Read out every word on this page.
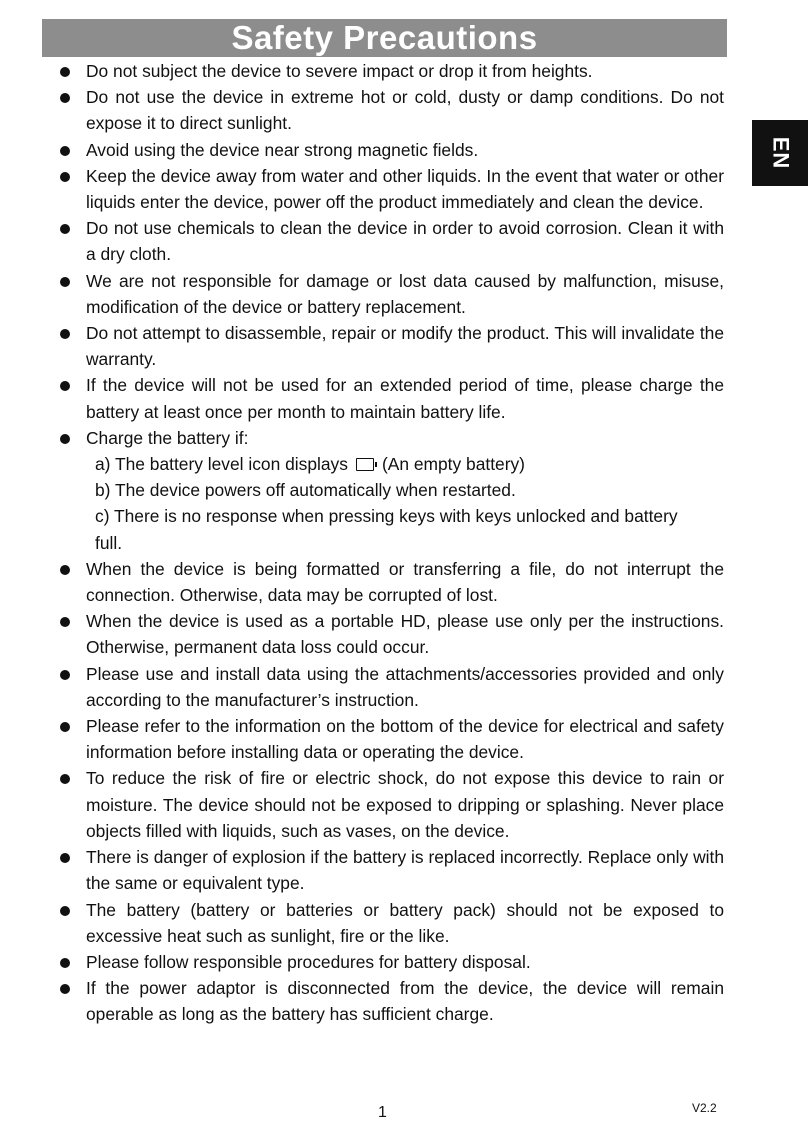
Safety Precautions
EN
Do not subject the device to severe impact or drop it from heights.
Do not use the device in extreme hot or cold, dusty or damp conditions. Do not expose it to direct sunlight.
Avoid using the device near strong magnetic fields.
Keep the device away from water and other liquids. In the event that water or other liquids enter the device, power off the product immediately and clean the device.
Do not use chemicals to clean the device in order to avoid corrosion. Clean it with a dry cloth.
We are not responsible for damage or lost data caused by malfunction, misuse, modification of the device or battery replacement.
Do not attempt to disassemble, repair or modify the product. This will invalidate the warranty.
If the device will not be used for an extended period of time, please charge the battery at least once per month to maintain battery life.
Charge the battery if:
a) The battery level icon displays (An empty battery)
b) The device powers off automatically when restarted.
c) There is no response when pressing keys with keys unlocked and battery full.
When the device is being formatted or transferring a file, do not interrupt the connection. Otherwise, data may be corrupted of lost.
When the device is used as a portable HD, please use only per the instructions. Otherwise, permanent data loss could occur.
Please use and install data using the attachments/accessories provided and only according to the manufacturer’s instruction.
Please refer to the information on the bottom of the device for electrical and safety information before installing data or operating the device.
To reduce the risk of fire or electric shock, do not expose this device to rain or moisture. The device should not be exposed to dripping or splashing. Never place objects filled with liquids, such as vases, on the device.
There is danger of explosion if the battery is replaced incorrectly. Replace only with the same or equivalent type.
The battery (battery or batteries or battery pack) should not be exposed to excessive heat such as sunlight, fire or the like.
Please follow responsible procedures for battery disposal.
If the power adaptor is disconnected from the device, the device will remain operable as long as the battery has sufficient charge.
1	V2.2
